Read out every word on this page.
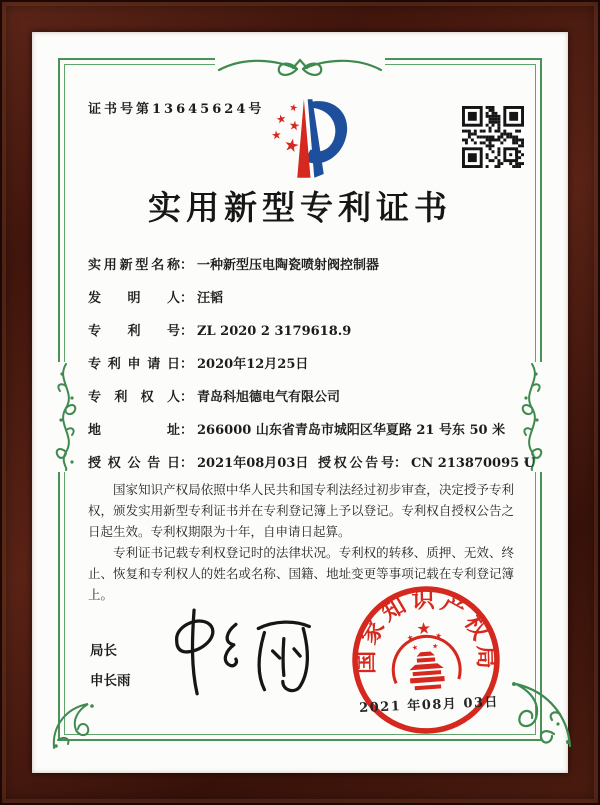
证书号第13645624号
实用新型专利证书
实用新型名称： 一种新型压电陶瓷喷射阀控制器
发明人： 汪韬
专利号： ZL 2020 2 3179618.9
专利申请日： 2020年12月25日
专利权人： 青岛科旭德电气有限公司
地址： 266000 山东省青岛市城阳区华夏路 21 号东 50 米
授权公告日： 2021年08月03日 授权公告号： CN 213870095 U

国家知识产权局依照中华人民共和国专利法经过初步审查，决定授予专利权，颁发实用新型专利证书并在专利登记簿上予以登记。专利权自授权公告之日起生效。专利权期限为十年，自申请日起算。

专利证书记载专利权登记时的法律状况。专利权的转移、质押、无效、终止、恢复和专利权人的姓名或名称、国籍、地址变更等事项记载在专利登记簿上。

局长
申长雨
国家知识产权局
2021 年08月 03日
